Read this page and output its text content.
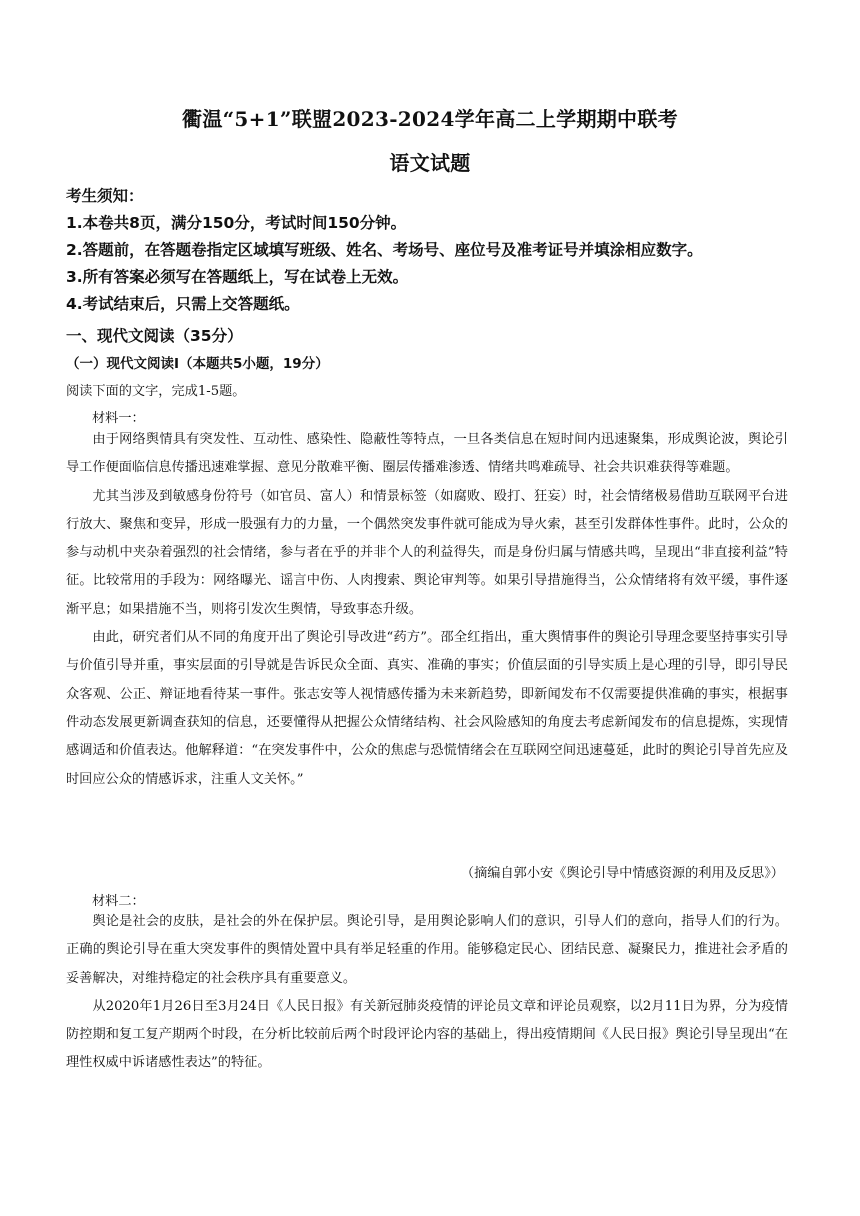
衢温“5+1”联盟2023-2024学年高二上学期期中联考
语文试题
考生须知：
1.本卷共8页，满分150分，考试时间150分钟。
2.答题前，在答题卷指定区域填写班级、姓名、考场号、座位号及准考证号并填涂相应数字。
3.所有答案必须写在答题纸上，写在试卷上无效。
4.考试结束后，只需上交答题纸。
一、现代文阅读（35分）
（一）现代文阅读Ⅰ（本题共5小题，19分）
阅读下面的文字，完成1-5题。
材料一：

由于网络舆情具有突发性、互动性、感染性、隐蔽性等特点，一旦各类信息在短时间内迅速聚集，形成舆论波，舆论引导工作便面临信息传播迅速难掌握、意见分散难平衡、圈层传播难渗透、情绪共鸣难疏导、社会共识难获得等难题。

尤其当涉及到敏感身份符号（如官员、富人）和情景标签（如腐败、殴打、狂妄）时，社会情绪极易借助互联网平台进行放大、聚焦和变异，形成一股强有力的力量，一个偶然突发事件就可能成为导火索，甚至引发群体性事件。此时，公众的参与动机中夹杂着强烈的社会情绪，参与者在乎的并非个人的利益得失，而是身份归属与情感共鸣，呈现出“非直接利益”特征。比较常用的手段为：网络曝光、谣言中伤、人肉搜索、舆论审判等。如果引导措施得当，公众情绪将有效平缓，事件逐渐平息；如果措施不当，则将引发次生舆情，导致事态升级。

由此，研究者们从不同的角度开出了舆论引导改进“药方”。邵全红指出，重大舆情事件的舆论引导理念要坚持事实引导与价值引导并重，事实层面的引导就是告诉民众全面、真实、准确的事实；价值层面的引导实质上是心理的引导，即引导民众客观、公正、辩证地看待某一事件。张志安等人视情感传播为未来新趋势，即新闻发布不仅需要提供准确的事实，根据事件动态发展更新调查获知的信息，还要懂得从把握公众情绪结构、社会风险感知的角度去考虑新闻发布的信息提炼，实现情感调适和价值表达。他解释道：“在突发事件中，公众的焦虑与恐慌情绪会在互联网空间迅速蔓延，此时的舆论引导首先应及时回应公众的情感诉求，注重人文关怀。”

（摘编自郭小安《舆论引导中情感资源的利用及反思》）
材料二：

舆论是社会的皮肤，是社会的外在保护层。舆论引导，是用舆论影响人们的意识，引导人们的意向，指导人们的行为。正确的舆论引导在重大突发事件的舆情处置中具有举足轻重的作用。能够稳定民心、团结民意、凝聚民力，推进社会矛盾的妥善解决，对维持稳定的社会秩序具有重要意义。

从2020年1月26日至3月24日《人民日报》有关新冠肺炎疫情的评论员文章和评论员观察，以2月11日为界，分为疫情防控期和复工复产期两个时段，在分析比较前后两个时段评论内容的基础上，得出疫情期间《人民日报》舆论引导呈现出“在理性权威中诉诸感性表达”的特征。
